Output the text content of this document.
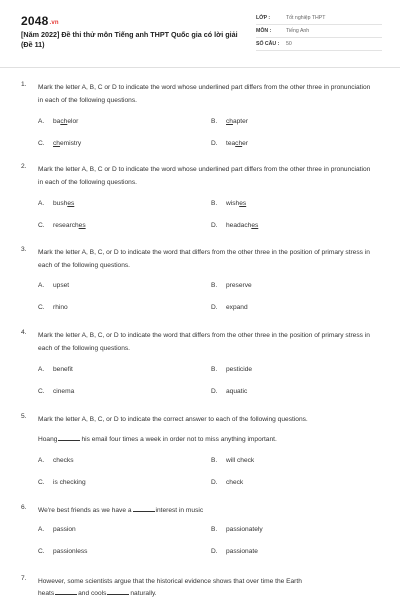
2048.vn
[Năm 2022] Đề thi thử môn Tiếng anh THPT Quốc gia có lời giải (Đề 11)
LỚP :	Tốt nghiệp THPT
MÔN :	Tiếng Anh
SỐ CÂU :	50
1. Mark the letter A, B, C or D to indicate the word whose underlined part differs from the other three in pronunciation in each of the following questions.
A. bachelor	B. chapter
C. chemistry	D. teacher
2. Mark the letter A, B, C or D to indicate the word whose underlined part differs from the other three in pronunciation in each of the following questions.
A. bushes	B. wishes
C. researches	D. headaches
3. Mark the letter A, B, C, or D to indicate the word that differs from the other three in the position of primary stress in each of the following questions.
A. upset	B. preserve
C. rhino	D. expand
4. Mark the letter A, B, C, or D to indicate the word that differs from the other three in the position of primary stress in each of the following questions.
A. benefit	B. pesticide
C. cinema	D. aquatic
5. Mark the letter A, B, C, or D to indicate the correct answer to each of the following questions.
Hoang	his email four times a week in order not to miss anything important.
A. checks	B. will check
C. is checking	D. check
6. We're best friends as we have a	interest in music
A. passion	B. passionately
C. passionless	D. passionate
7. However, some scientists argue that the historical evidence shows that over time the Earth
heats	and cools	naturally.
